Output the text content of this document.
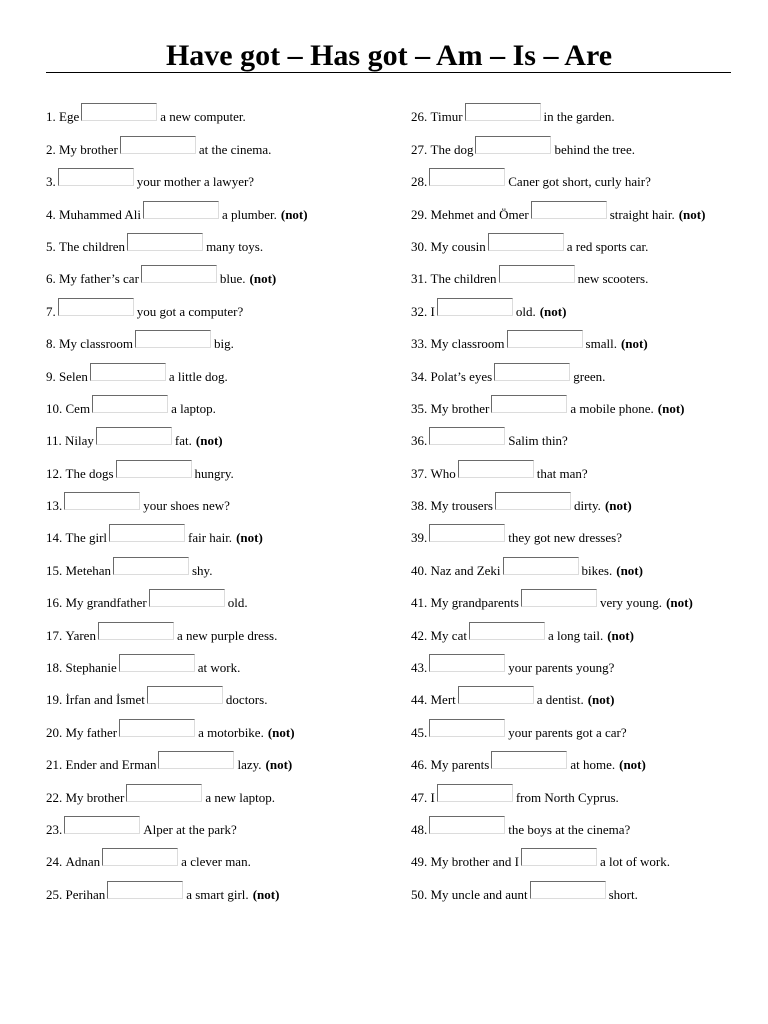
Have got – Has got – Am – Is – Are
1.
Ege	a new computer.
2.
My brother	at the cinema.
3.	your mother a lawyer?
4.
Muhammed Ali	a plumber. (not)
5.
The children	many toys.
6.
My father’s car	blue. (not)
7.	you got a computer?
8.
My classroom	big.
9.
Selen	a little dog.
10.
Cem	a laptop.
11.
Nilay	fat. (not)
12.
The dogs	hungry.
13.	your shoes new?
14.
The girl	fair hair. (not)
15.
Metehan	shy.
16.
My grandfather	old.
17.
Yaren	a new purple dress.
18.
Stephanie	at work.
19.
İrfan and İsmet	doctors.
20.
My father	a motorbike. (not)
21.
Ender and Erman	lazy. (not)
22.
My brother	a new laptop.
23.	Alper at the park?
24.
Adnan	a clever man.
25.
Perihan	a smart girl. (not)
26.
Timur	in the garden.
27.
The dog	behind the tree.
28.	Caner got short, curly hair?
29.
Mehmet and Ömer	straight hair. (not)
30.
My cousin	a red sports car.
31.
The children	new scooters.
32.
I	old. (not)
33.
My classroom	small. (not)
34.
Polat’s eyes	green.
35.
My brother	a mobile phone. (not)
36.	Salim thin?
37.
Who	that man?
38.
My trousers	dirty. (not)
39.	they got new dresses?
40.
Naz and Zeki	bikes. (not)
41.
My grandparents	very young. (not)
42.
My cat	a long tail. (not)
43.	your parents young?
44.
Mert	a dentist. (not)
45.	your parents got a car?
46.
My parents	at home. (not)
47.
I	from North Cyprus.
48.	the boys at the cinema?
49.
My brother and I	a lot of work.
50.
My uncle and aunt	short.
